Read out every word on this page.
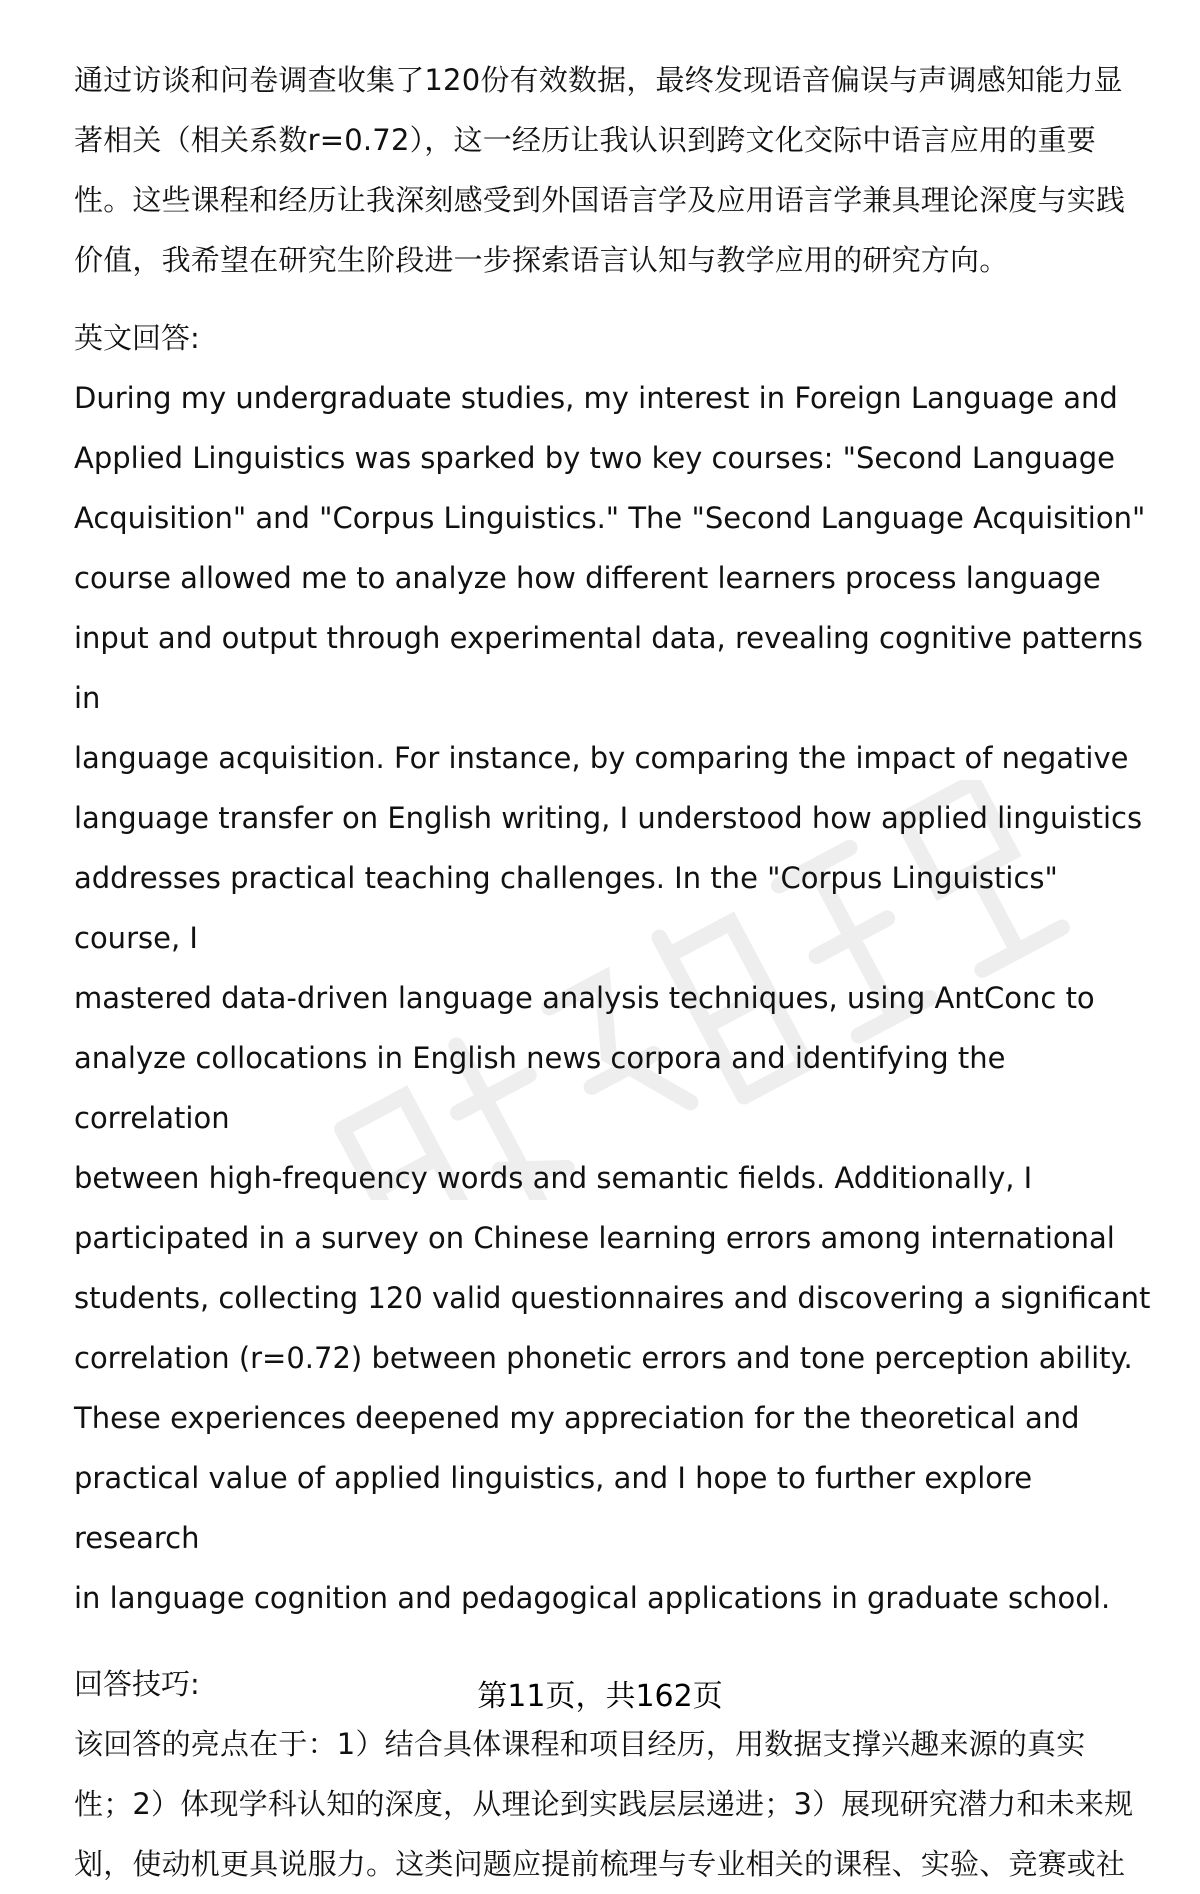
通过访谈和问卷调查收集了120份有效数据，最终发现语音偏误与声调感知能力显

著相关（相关系数r=0.72），这一经历让我认识到跨文化交际中语言应用的重要

性。这些课程和经历让我深刻感受到外国语言学及应用语言学兼具理论深度与实践

价值，我希望在研究生阶段进一步探索语言认知与教学应用的研究方向。

英文回答:

During my undergraduate studies, my interest in Foreign Language and

Applied Linguistics was sparked by two key courses: "Second Language

Acquisition" and "Corpus Linguistics." The "Second Language Acquisition"

course allowed me to analyze how different learners process language

input and output through experimental data, revealing cognitive patterns in

language acquisition. For instance, by comparing the impact of negative

language transfer on English writing, I understood how applied linguistics

addresses practical teaching challenges. In the "Corpus Linguistics" course, I

mastered data-driven language analysis techniques, using AntConc to

analyze collocations in English news corpora and identifying the correlation

between high-frequency words and semantic fields. Additionally, I

participated in a survey on Chinese learning errors among international

students, collecting 120 valid questionnaires and discovering a significant

correlation (r=0.72) between phonetic errors and tone perception ability.

These experiences deepened my appreciation for the theoretical and

practical value of applied linguistics, and I hope to further explore research

in language cognition and pedagogical applications in graduate school.

回答技巧:

该回答的亮点在于：1）结合具体课程和项目经历，用数据支撑兴趣来源的真实

性；2）体现学科认知的深度，从理论到实践层层递进；3）展现研究潜力和未来规

划，使动机更具说服力。这类问题应提前梳理与专业相关的课程、实验、竞赛或社

第11页，共162页
